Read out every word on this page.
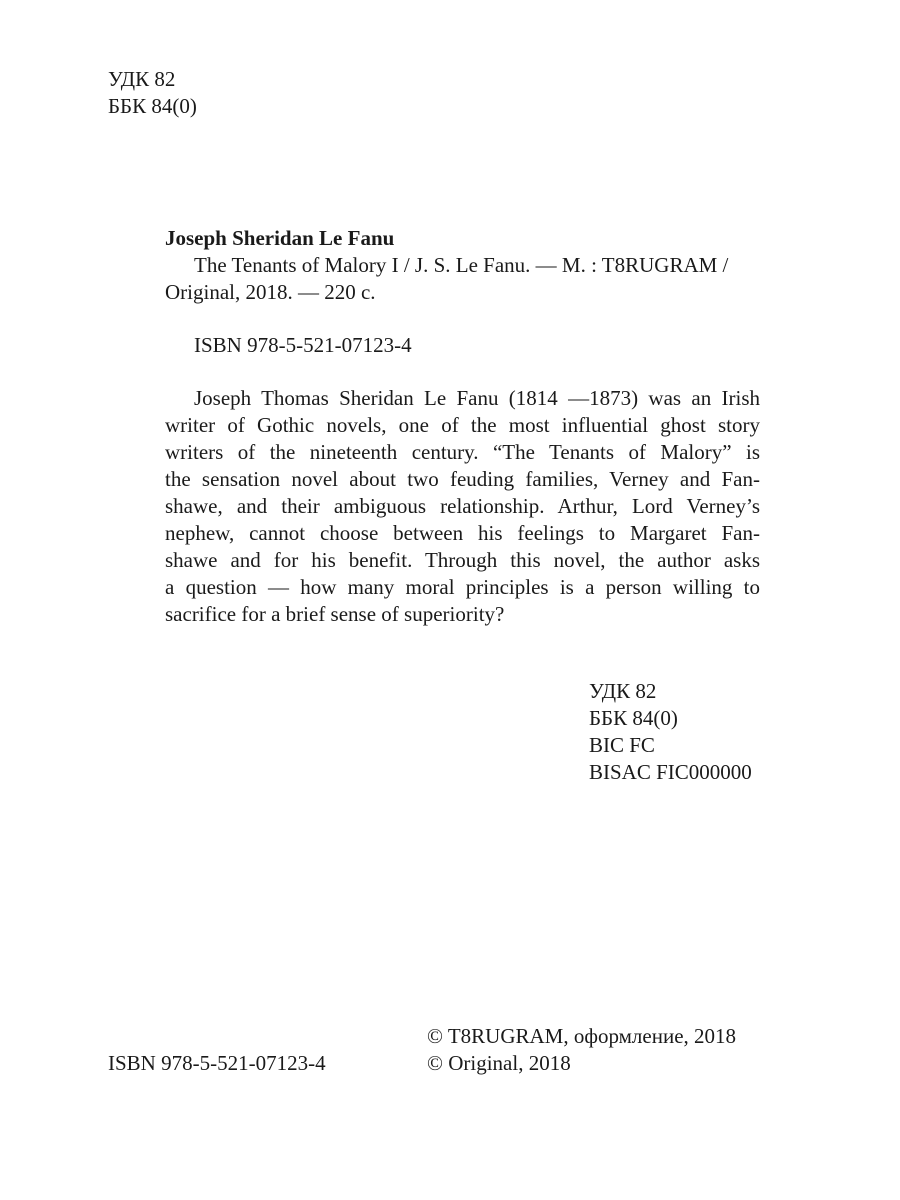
УДК 82
ББК 84(0)
Joseph Sheridan Le Fanu
The Tenants of Malory I / J. S. Le Fanu. — M. : T8RUGRAM /
Original, 2018. — 220 с.
ISBN 978-5-521-07123-4
Joseph Thomas Sheridan Le Fanu (1814 —1873) was an Irish
writer of Gothic novels, one of the most influential ghost story
writers of the nineteenth century. “The Tenants of Malory” is
the sensation novel about two feuding families, Verney and Fan-
shawe, and their ambiguous relationship. Arthur, Lord Verney’s
nephew, cannot choose between his feelings to Margaret Fan-
shawe and for his benefit. Through this novel, the author asks
a question — how many moral principles is a person willing to
sacrifice for a brief sense of superiority?
УДК 82
ББК 84(0)
BIC FC
BISAC FIC000000
© T8RUGRAM, оформление, 2018
© Original, 2018
ISBN 978-5-521-07123-4
